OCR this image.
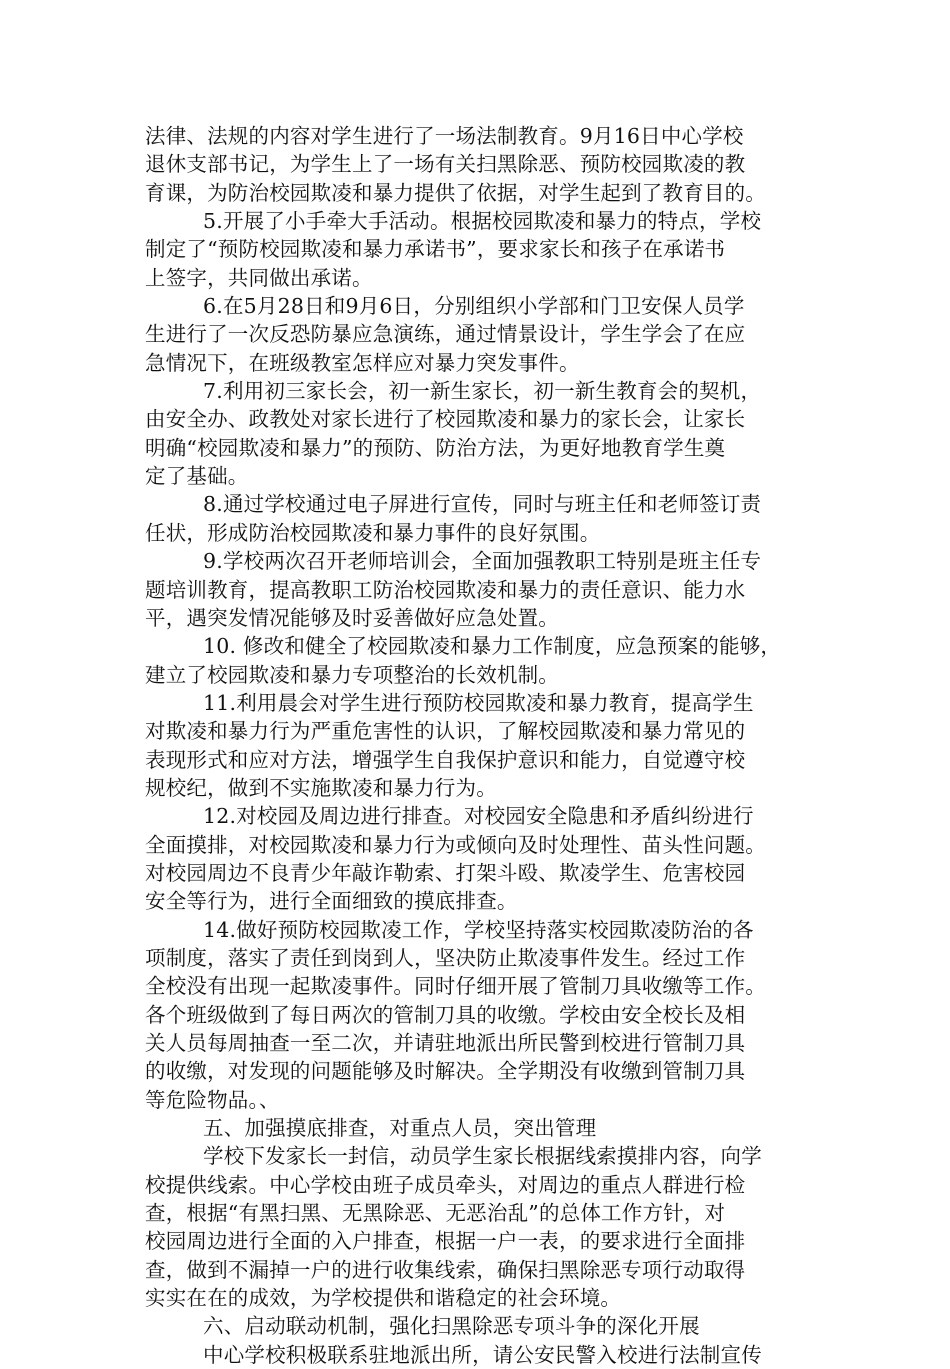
法律、法规的内容对学生进行了一场法制教育。9月16日中心学校
退休支部书记，为学生上了一场有关扫黑除恶、预防校园欺凌的教
育课，为防治校园欺凌和暴力提供了依据，对学生起到了教育目的。
5.开展了小手牵大手活动。根据校园欺凌和暴力的特点，学校
制定了“预防校园欺凌和暴力承诺书”，要求家长和孩子在承诺书
上签字，共同做出承诺。
6.在5月28日和9月6日，分别组织小学部和门卫安保人员学
生进行了一次反恐防暴应急演练，通过情景设计，学生学会了在应
急情况下，在班级教室怎样应对暴力突发事件。
7.利用初三家长会，初一新生家长，初一新生教育会的契机，
由安全办、政教处对家长进行了校园欺凌和暴力的家长会，让家长
明确“校园欺凌和暴力”的预防、防治方法，为更好地教育学生奠
定了基础。
8.通过学校通过电子屏进行宣传，同时与班主任和老师签订责
任状，形成防治校园欺凌和暴力事件的良好氛围。
9.学校两次召开老师培训会，全面加强教职工特别是班主任专
题培训教育，提高教职工防治校园欺凌和暴力的责任意识、能力水
平，遇突发情况能够及时妥善做好应急处置。
10. 修改和健全了校园欺凌和暴力工作制度，应急预案的能够，
建立了校园欺凌和暴力专项整治的长效机制。
11.利用晨会对学生进行预防校园欺凌和暴力教育，提高学生
对欺凌和暴力行为严重危害性的认识，了解校园欺凌和暴力常见的
表现形式和应对方法，增强学生自我保护意识和能力，自觉遵守校
规校纪，做到不实施欺凌和暴力行为。
12.对校园及周边进行排查。对校园安全隐患和矛盾纠纷进行
全面摸排，对校园欺凌和暴力行为或倾向及时处理性、苗头性问题。
对校园周边不良青少年敲诈勒索、打架斗殴、欺凌学生、危害校园
安全等行为，进行全面细致的摸底排查。
14.做好预防校园欺凌工作，学校坚持落实校园欺凌防治的各
项制度，落实了责任到岗到人，坚决防止欺凌事件发生。经过工作
全校没有出现一起欺凌事件。同时仔细开展了管制刀具收缴等工作。
各个班级做到了每日两次的管制刀具的收缴。学校由安全校长及相
关人员每周抽查一至二次，并请驻地派出所民警到校进行管制刀具
的收缴，对发现的问题能够及时解决。全学期没有收缴到管制刀具
等危险物品。、
五、加强摸底排查，对重点人员，突出管理
学校下发家长一封信，动员学生家长根据线索摸排内容，向学
校提供线索。中心学校由班子成员牵头，对周边的重点人群进行检
查，根据“有黑扫黑、无黑除恶、无恶治乱”的总体工作方针，对
校园周边进行全面的入户排查，根据一户一表，的要求进行全面排
查，做到不漏掉一户的进行收集线索，确保扫黑除恶专项行动取得
实实在在的成效，为学校提供和谐稳定的社会环境。
六、启动联动机制，强化扫黑除恶专项斗争的深化开展
中心学校积极联系驻地派出所，请公安民警入校进行法制宣传
